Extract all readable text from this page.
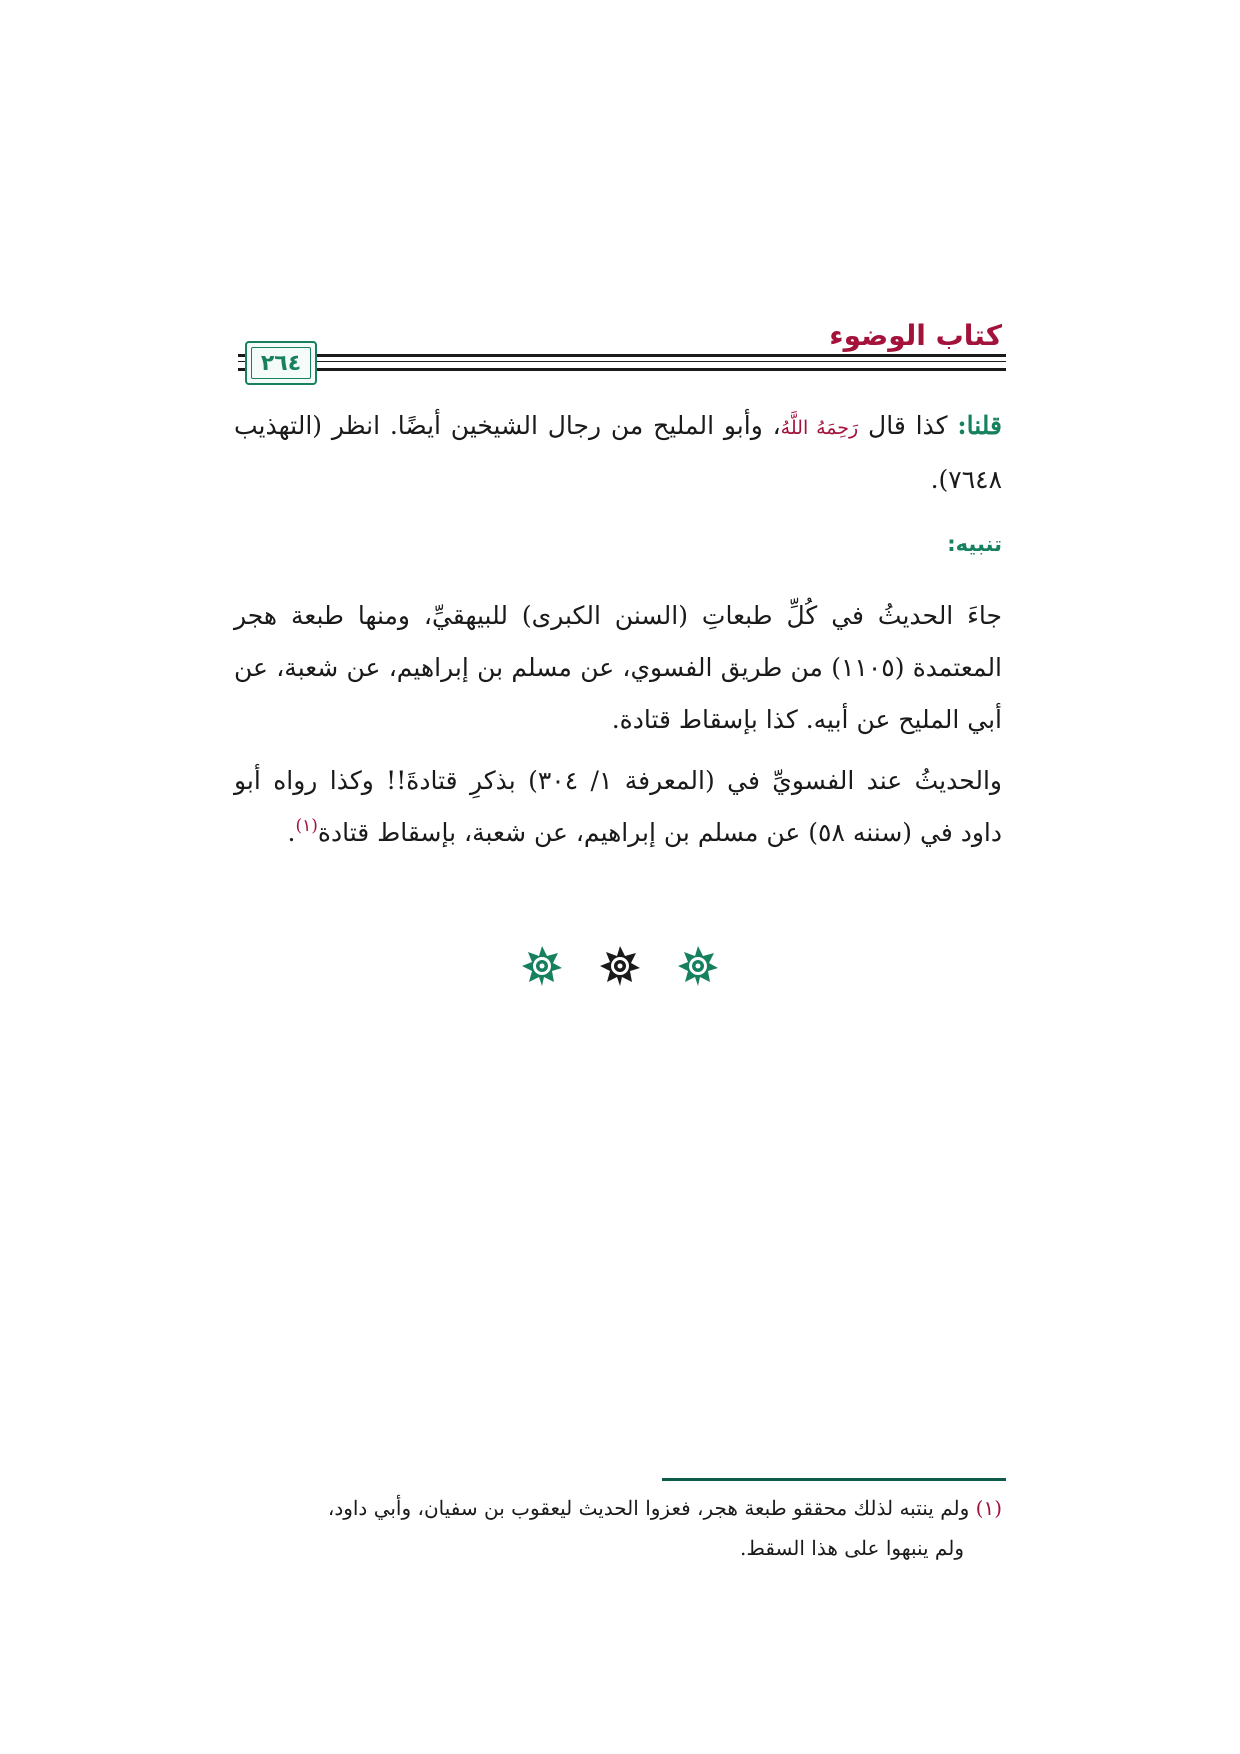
كتاب الوضوء
٢٦٤

قلنا: كذا قال رَحِمَهُ اللَّهُ، وأبو المليح من رجال الشيخين أيضًا. انظر (التهذيب ٧٦٤٨).

تنبيه:

جاءَ الحديثُ في كُلِّ طبعاتِ (السنن الكبرى) للبيهقيِّ، ومنها طبعة هجر المعتمدة (١١٠٥) من طريق الفسوي، عن مسلم بن إبراهيم، عن شعبة، عن أبي المليح عن أبيه. كذا بإسقاط قتادة.

والحديثُ عند الفسويِّ في (المعرفة ١/ ٣٠٤) بذكرِ قتادةَ!! وكذا رواه أبو داود في (سننه ٥٨) عن مسلم بن إبراهيم، عن شعبة، بإسقاط قتادة$^{(١)}$.

(١) ولم ينتبه لذلك محققو طبعة هجر، فعزوا الحديث ليعقوب بن سفيان، وأبي داود،
ولم ينبهوا على هذا السقط.
